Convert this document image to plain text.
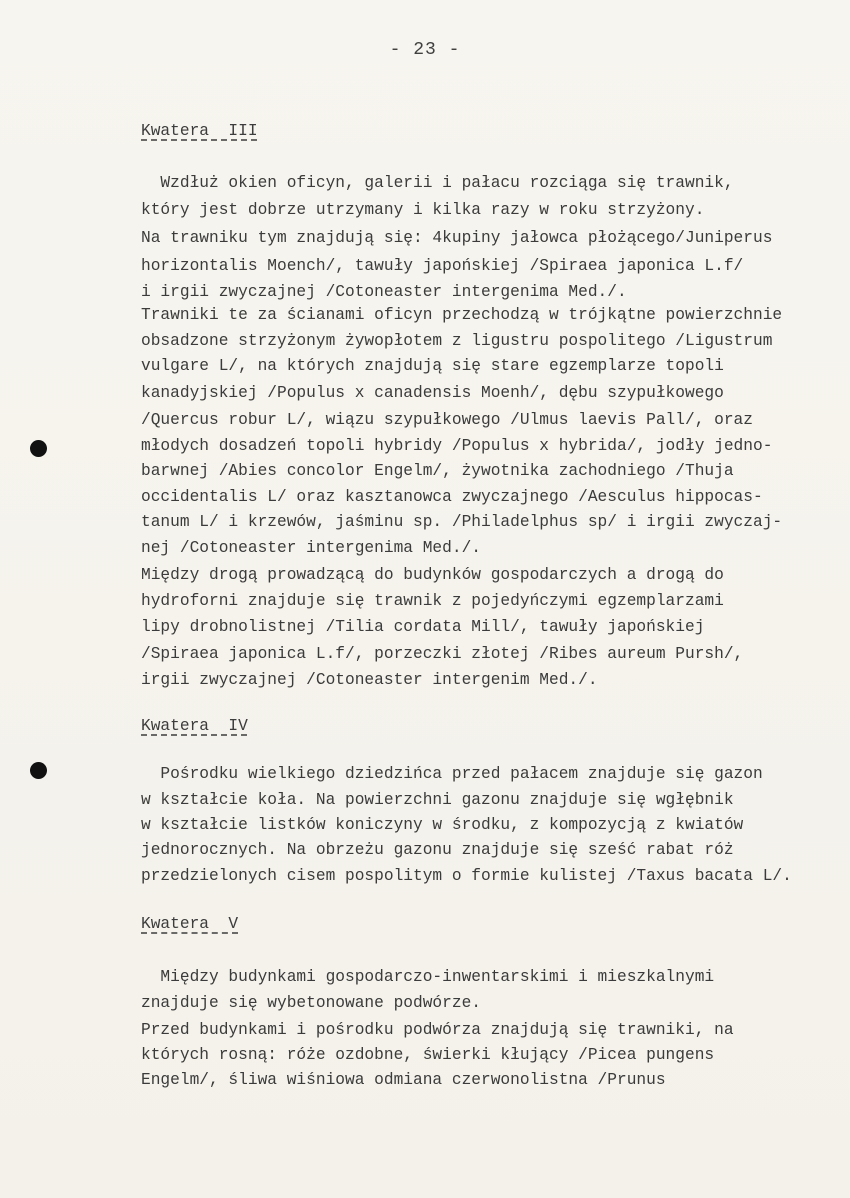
- 23 -
Kwatera  III
Wzdłuż okien oficyn, galerii i pałacu rozciąga się trawnik,
który jest dobrze utrzymany i kilka razy w roku strzyżony.
Na trawniku tym znajdują się: 4kupiny jałowca płożącego/Juniperus
horizontalis Moench/, tawuły japońskiej /Spiraea japonica L.f/
i irgii zwyczajnej /Cotoneaster intergenima Med./.
Trawniki te za ścianami oficyn przechodzą w trójkątne powierzchnie
obsadzone strzyżonym żywopłotem z ligustru pospolitego /Ligustrum
vulgare L/, na których znajdują się stare egzemplarze topoli
kanadyjskiej /Populus x canadensis Moenh/, dębu szypułkowego
/Quercus robur L/, wiązu szypułkowego /Ulmus laevis Pall/, oraz
młodych dosadzeń topoli hybridy /Populus x hybrida/, jodły jedno-
barwnej /Abies concolor Engelm/, żywotnika zachodniego /Thuja
occidentalis L/ oraz kasztanowca zwyczajnego /Aesculus hippocas-
tanum L/ i krzewów, jaśminu sp. /Philadelphus sp/ i irgii zwyczaj-
nej /Cotoneaster intergenima Med./.
Między drogą prowadzącą do budynków gospodarczych a drogą do
hydroforni znajduje się trawnik z pojedyńczymi egzemplarzami
lipy drobnolistnej /Tilia cordata Mill/, tawuły japońskiej
/Spiraea japonica L.f/, porzeczki złotej /Ribes aureum Pursh/,
irgii zwyczajnej /Cotoneaster intergenim Med./.
Kwatera  IV
Pośrodku wielkiego dziedzińca przed pałacem znajduje się gazon
w kształcie koła. Na powierzchni gazonu znajduje się wgłębnik
w kształcie listków koniczyny w środku, z kompozycją z kwiatów
jednorocznych. Na obrzeżu gazonu znajduje się sześć rabat róż
przedzielonych cisem pospolitym o formie kulistej /Taxus bacata L/.
Kwatera  V
Między budynkami gospodarczo-inwentarskimi i mieszkalnymi
znajduje się wybetonowane podwórze.
Przed budynkami i pośrodku podwórza znajdują się trawniki, na
których rosną: róże ozdobne, świerki kłujący /Picea pungens
Engelm/, śliwa wiśniowa odmiana czerwonolistna /Prunus
